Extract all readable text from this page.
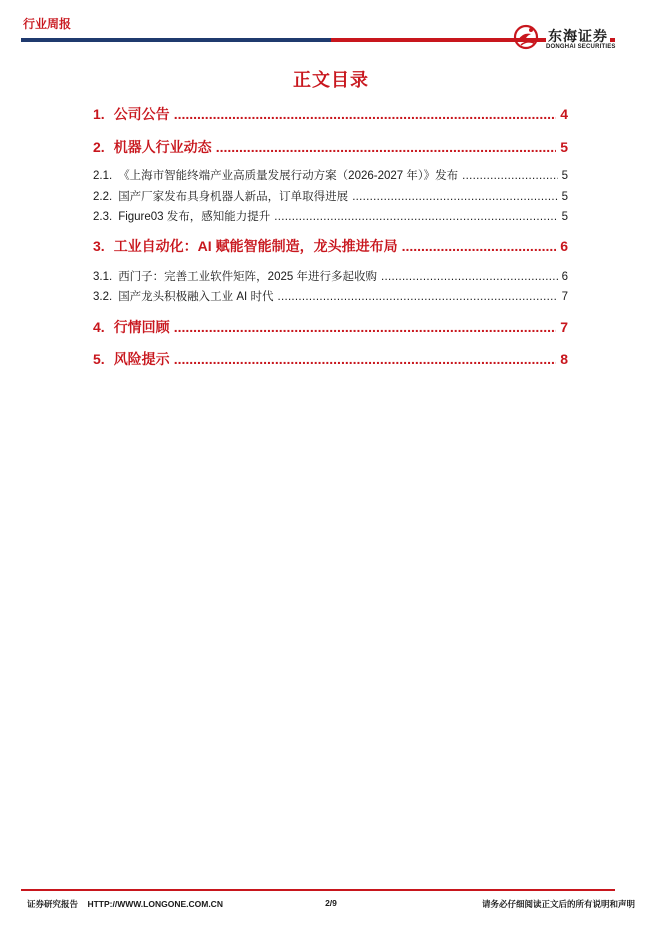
行业周报
东海证券
DONGHAI SECURITIES
正文目录
1. 公司公告 .....	4
2. 机器人行业动态 .....	5
2.1. 《上海市智能终端产业高质量发展行动方案（2026-2027 年）》发布 .....	5
2.2. 国产厂家发布具身机器人新品，订单取得进展 .....	5
2.3. Figure03 发布，感知能力提升 .....	5
3. 工业自动化：AI 赋能智能制造，龙头推进布局 .....	6
3.1. 西门子：完善工业软件矩阵，2025 年进行多起收购 .....	6
3.2. 国产龙头积极融入工业 AI 时代 .....	7
4. 行情回顾 .....	7
5. 风险提示 .....	8
证券研究报告    HTTP://WWW.LONGONE.COM.CN	2/9	请务必仔细阅读正文后的所有说明和声明
